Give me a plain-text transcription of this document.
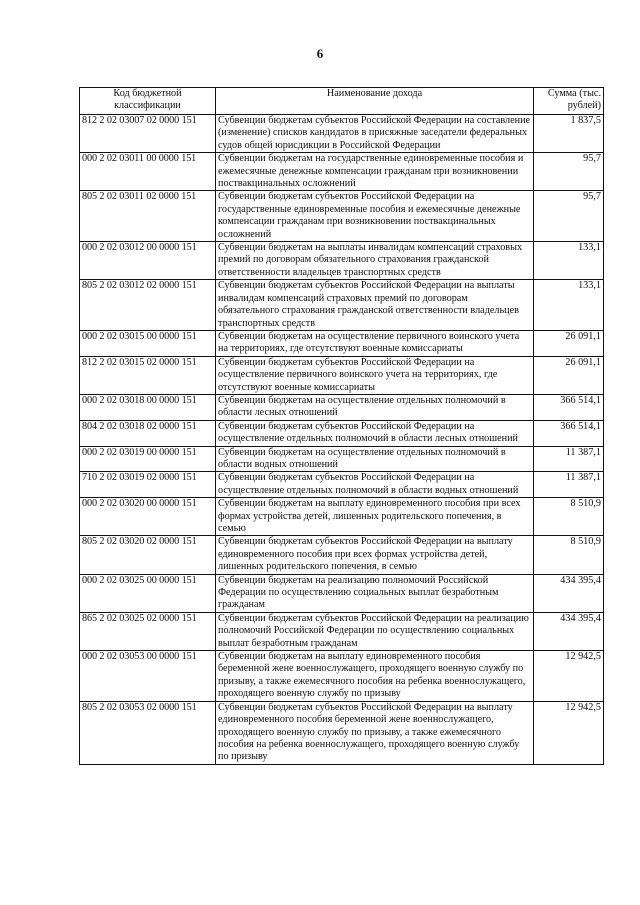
6
Код бюджетной классификации	Наименование дохода	Сумма (тыс. рублей)
812 2 02 03007 02 0000 151	Субвенции бюджетам субъектов Российской Федерации на составление (изменение) списков кандидатов в присяжные заседатели федеральных судов общей юрисдикции в Российской Федерации	1 837,5
000 2 02 03011 00 0000 151	Субвенции бюджетам на государственные единовременные пособия и ежемесячные денежные компенсации гражданам при возникновении поствакцинальных осложнений	95,7
805 2 02 03011 02 0000 151	Субвенции бюджетам субъектов Российской Федерации на государственные единовременные пособия и ежемесячные денежные компенсации гражданам при возникновении поствакцинальных осложнений	95,7
000 2 02 03012 00 0000 151	Субвенции бюджетам на выплаты инвалидам компенсаций страховых премий по договорам обязательного страхования гражданской ответственности владельцев транспортных средств	133,1
805 2 02 03012 02 0000 151	Субвенции бюджетам субъектов Российской Федерации на выплаты инвалидам компенсаций страховых премий по договорам обязательного страхования гражданской ответственности владельцев транспортных средств	133,1
000 2 02 03015 00 0000 151	Субвенции бюджетам на осуществление первичного воинского учета на территориях, где отсутствуют военные комиссариаты	26 091,1
812 2 02 03015 02 0000 151	Субвенции бюджетам субъектов Российской Федерации на осуществление первичного воинского учета на территориях, где отсутствуют военные комиссариаты	26 091,1
000 2 02 03018 00 0000 151	Субвенции бюджетам на осуществление отдельных полномочий в области лесных отношений	366 514,1
804 2 02 03018 02 0000 151	Субвенции бюджетам субъектов Российской Федерации на осуществление отдельных полномочий в области лесных отношений	366 514,1
000 2 02 03019 00 0000 151	Субвенции бюджетам на осуществление отдельных полномочий в области водных отношений	11 387,1
710 2 02 03019 02 0000 151	Субвенции бюджетам субъектов Российской Федерации на осуществление отдельных полномочий в области водных отношений	11 387,1
000 2 02 03020 00 0000 151	Субвенции бюджетам на выплату единовременного пособия при всех формах устройства детей, лишенных родительского попечения, в семью	8 510,9
805 2 02 03020 02 0000 151	Субвенции бюджетам субъектов Российской Федерации на выплату единовременного пособия при всех формах устройства детей, лишенных родительского попечения, в семью	8 510,9
000 2 02 03025 00 0000 151	Субвенции бюджетам на реализацию полномочий Российской Федерации по осуществлению социальных выплат безработным гражданам	434 395,4
865 2 02 03025 02 0000 151	Субвенции бюджетам субъектов Российской Федерации на реализацию полномочий Российской Федерации по осуществлению социальных выплат безработным гражданам	434 395,4
000 2 02 03053 00 0000 151	Субвенции бюджетам на выплату единовременного пособия беременной жене военнослужащего, проходящего военную службу по призыву, а также ежемесячного пособия на ребенка военнослужащего, проходящего военную службу по призыву	12 942,5
805 2 02 03053 02 0000 151	Субвенции бюджетам субъектов Российской Федерации на выплату единовременного пособия беременной жене военнослужащего, проходящего военную службу по призыву, а также ежемесячного пособия на ребенка военнослужащего, проходящего военную службу по призыву	12 942,5
